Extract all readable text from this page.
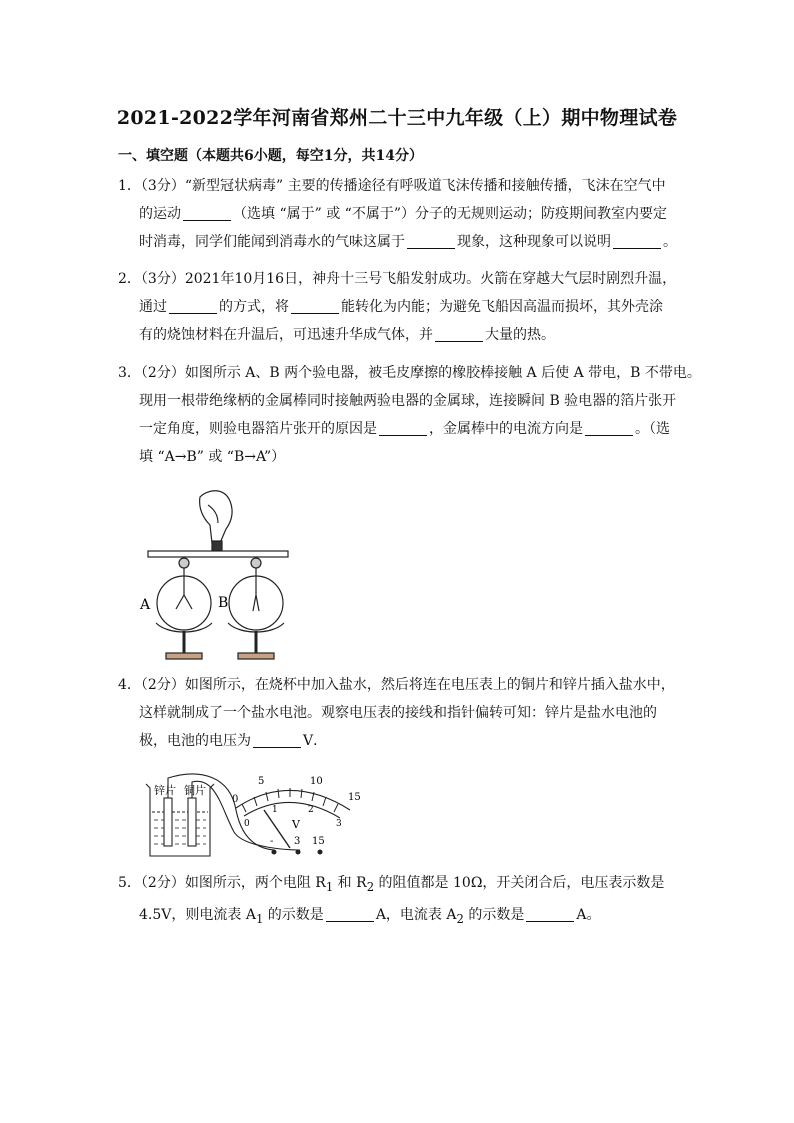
2021-2022学年河南省郑州二十三中九年级（上）期中物理试卷
一、填空题（本题共6小题，每空1分，共14分）
1．（3分）“新型冠状病毒” 主要的传播途径有呼吸道飞沫传播和接触传播，飞沫在空气中
的运动	（选填 “属于” 或 “不属于”）分子的无规则运动；防疫期间教室内要定
时消毒，同学们能闻到消毒水的气味这属于	现象，这种现象可以说明	。
2．（3分）2021年10月16日，神舟十三号飞船发射成功。火箭在穿越大气层时剧烈升温，
通过	的方式，将	能转化为内能；为避免飞船因高温而损坏，其外壳涂
有的烧蚀材料在升温后，可迅速升华成气体，并	大量的热。
3．（2分）如图所示 A、B 两个验电器，被毛皮摩擦的橡胶棒接触 A 后使 A 带电，B 不带电。
现用一根带绝缘柄的金属棒同时接触两验电器的金属球，连接瞬间 B 验电器的箔片张开
一定角度，则验电器箔片张开的原因是	，金属棒中的电流方向是	。（选
填 “A→B” 或 “B→A”）
A	B
4．（2分）如图所示，在烧杯中加入盐水，然后将连在电压表上的铜片和锌片插入盐水中，
这样就制成了一个盐水电池。观察电压表的接线和指针偏转可知：锌片是盐水电池的
极，电池的电压为	V．
锌片 铜片
0
5	10
15
0
1	2
3
V
- 3 15
5．（2分）如图所示，两个电阻 $R_1$ 和 $R_2$ 的阻值都是 10Ω，开关闭合后，电压表示数是
4.5V，则电流表 $A_1$ 的示数是	A，电流表 $A_2$ 的示数是	A。
